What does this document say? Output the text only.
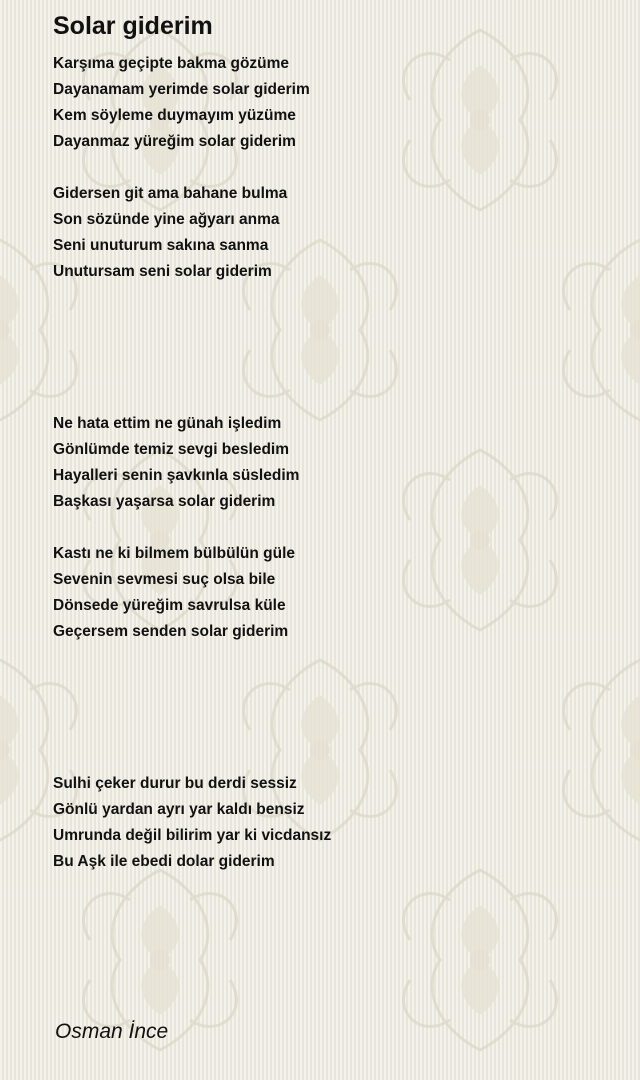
Solar giderim
Karşıma geçipte bakma gözüme
Dayanamam yerimde solar giderim
Kem söyleme duymayım yüzüme
Dayanmaz yüreğim solar giderim
Gidersen git ama bahane bulma
Son sözünde yine ağyarı anma
Seni unuturum sakına sanma
Unutursam seni solar giderim
Ne hata ettim ne günah işledim
Gönlümde temiz sevgi besledim
Hayalleri senin şavkınla süsledim
Başkası yaşarsa solar giderim
Kastı ne ki bilmem bülbülün güle
Sevenin sevmesi suç olsa bile
Dönsede yüreğim savrulsa küle
Geçersem senden solar giderim
Sulhi çeker durur bu derdi sessiz
Gönlü yardan ayrı yar kaldı bensiz
Umrunda değil bilirim yar ki vicdansız
Bu Aşk ile ebedi dolar giderim
Osman İnce
